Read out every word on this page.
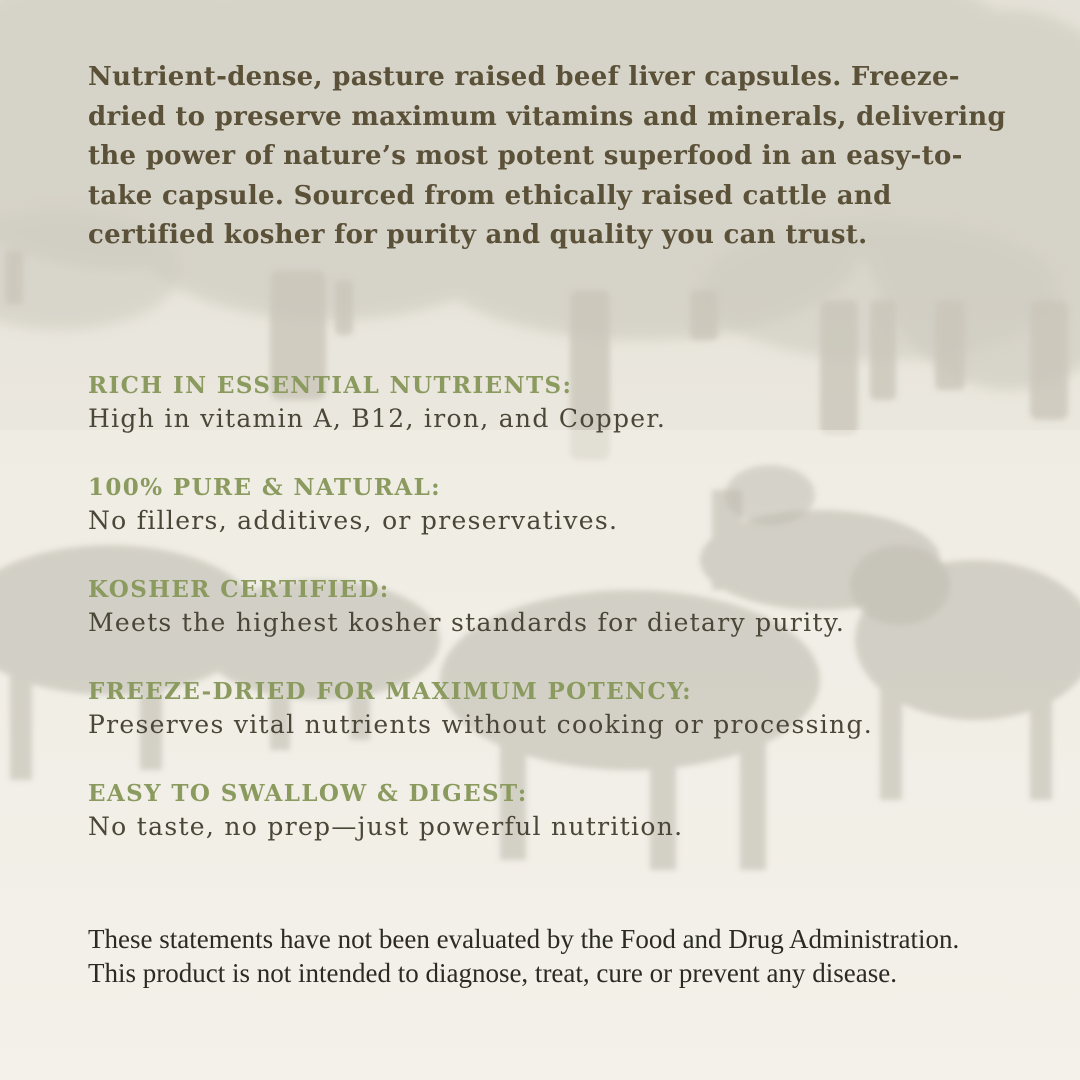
Nutrient-dense, pasture raised beef liver capsules. Freeze-dried to preserve maximum vitamins and minerals, delivering the power of nature’s most potent superfood in an easy-to-take capsule. Sourced from ethically raised cattle and certified kosher for purity and quality you can trust.

RICH IN ESSENTIAL NUTRIENTS:
High in vitamin A, B12, iron, and Copper.
100% PURE & NATURAL:
No fillers, additives, or preservatives.
KOSHER CERTIFIED:
Meets the highest kosher standards for dietary purity.
FREEZE-DRIED FOR MAXIMUM POTENCY:
Preserves vital nutrients without cooking or processing.
EASY TO SWALLOW & DIGEST:
No taste, no prep—just powerful nutrition.

These statements have not been evaluated by the Food and Drug Administration. This product is not intended to diagnose, treat, cure or prevent any disease.
